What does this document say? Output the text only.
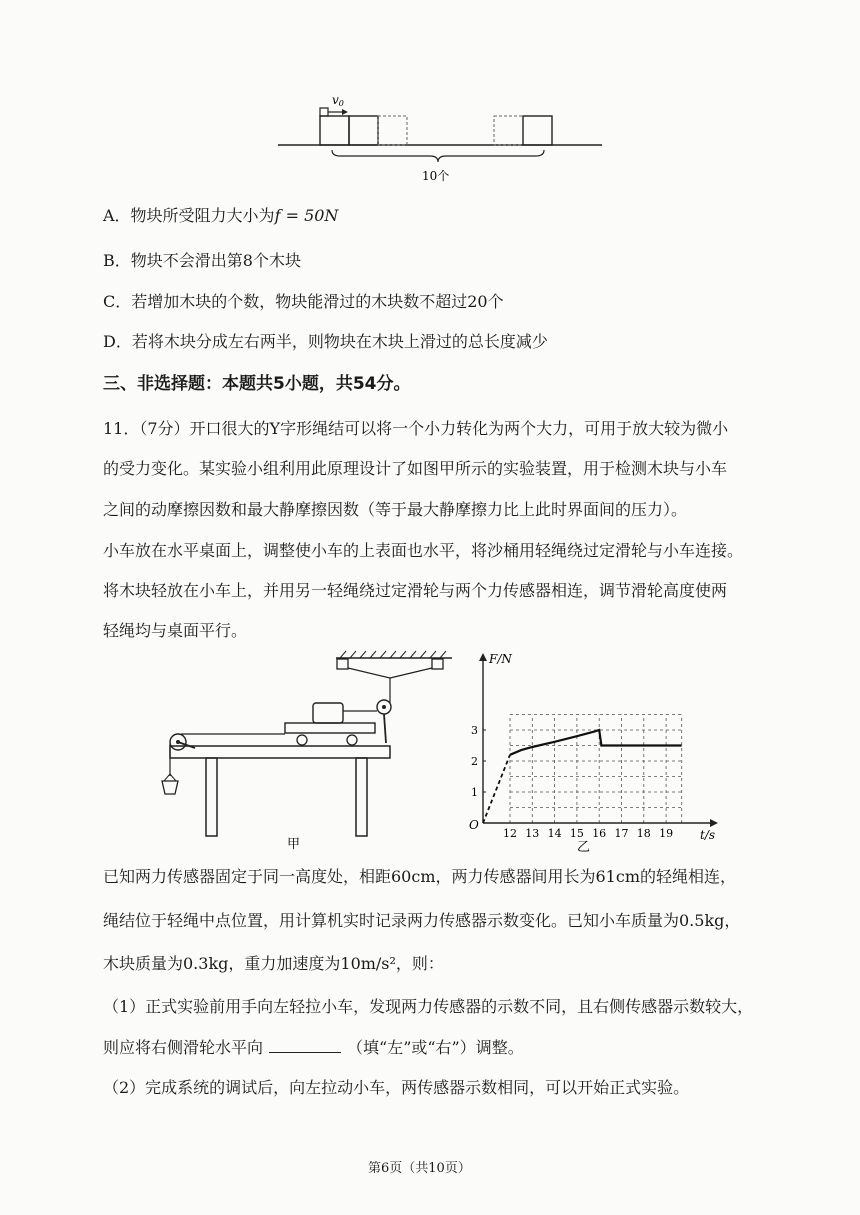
v0
10个
A．物块所受阻力大小为f = 50N
B．物块不会滑出第8个木块
C．若增加木块的个数，物块能滑过的木块数不超过20个
D．若将木块分成左右两半，则物块在木块上滑过的总长度减少
三、非选择题：本题共5小题，共54分。
11．（7分）开口很大的Y字形绳结可以将一个小力转化为两个大力，可用于放大较为微小
的受力变化。某实验小组利用此原理设计了如图甲所示的实验装置，用于检测木块与小车
之间的动摩擦因数和最大静摩擦因数（等于最大静摩擦力比上此时界面间的压力）。
小车放在水平桌面上，调整使小车的上表面也水平，将沙桶用轻绳绕过定滑轮与小车连接。
将木块轻放在小车上，并用另一轻绳绕过定滑轮与两个力传感器相连，调节滑轮高度使两
轻绳均与桌面平行。
甲
12 13 14 15 16 17 18 19
1
2
3
F/N
t/s
O
乙
已知两力传感器固定于同一高度处，相距60cm，两力传感器间用长为61cm的轻绳相连，
绳结位于轻绳中点位置，用计算机实时记录两力传感器示数变化。已知小车质量为0.5kg，
木块质量为0.3kg，重力加速度为10m/s²，则：
（1）正式实验前用手向左轻拉小车，发现两力传感器的示数不同，且右侧传感器示数较大，
则应将右侧滑轮水平向	（填“左”或“右”）调整。
（2）完成系统的调试后，向左拉动小车，两传感器示数相同，可以开始正式实验。
第6页（共10页）
